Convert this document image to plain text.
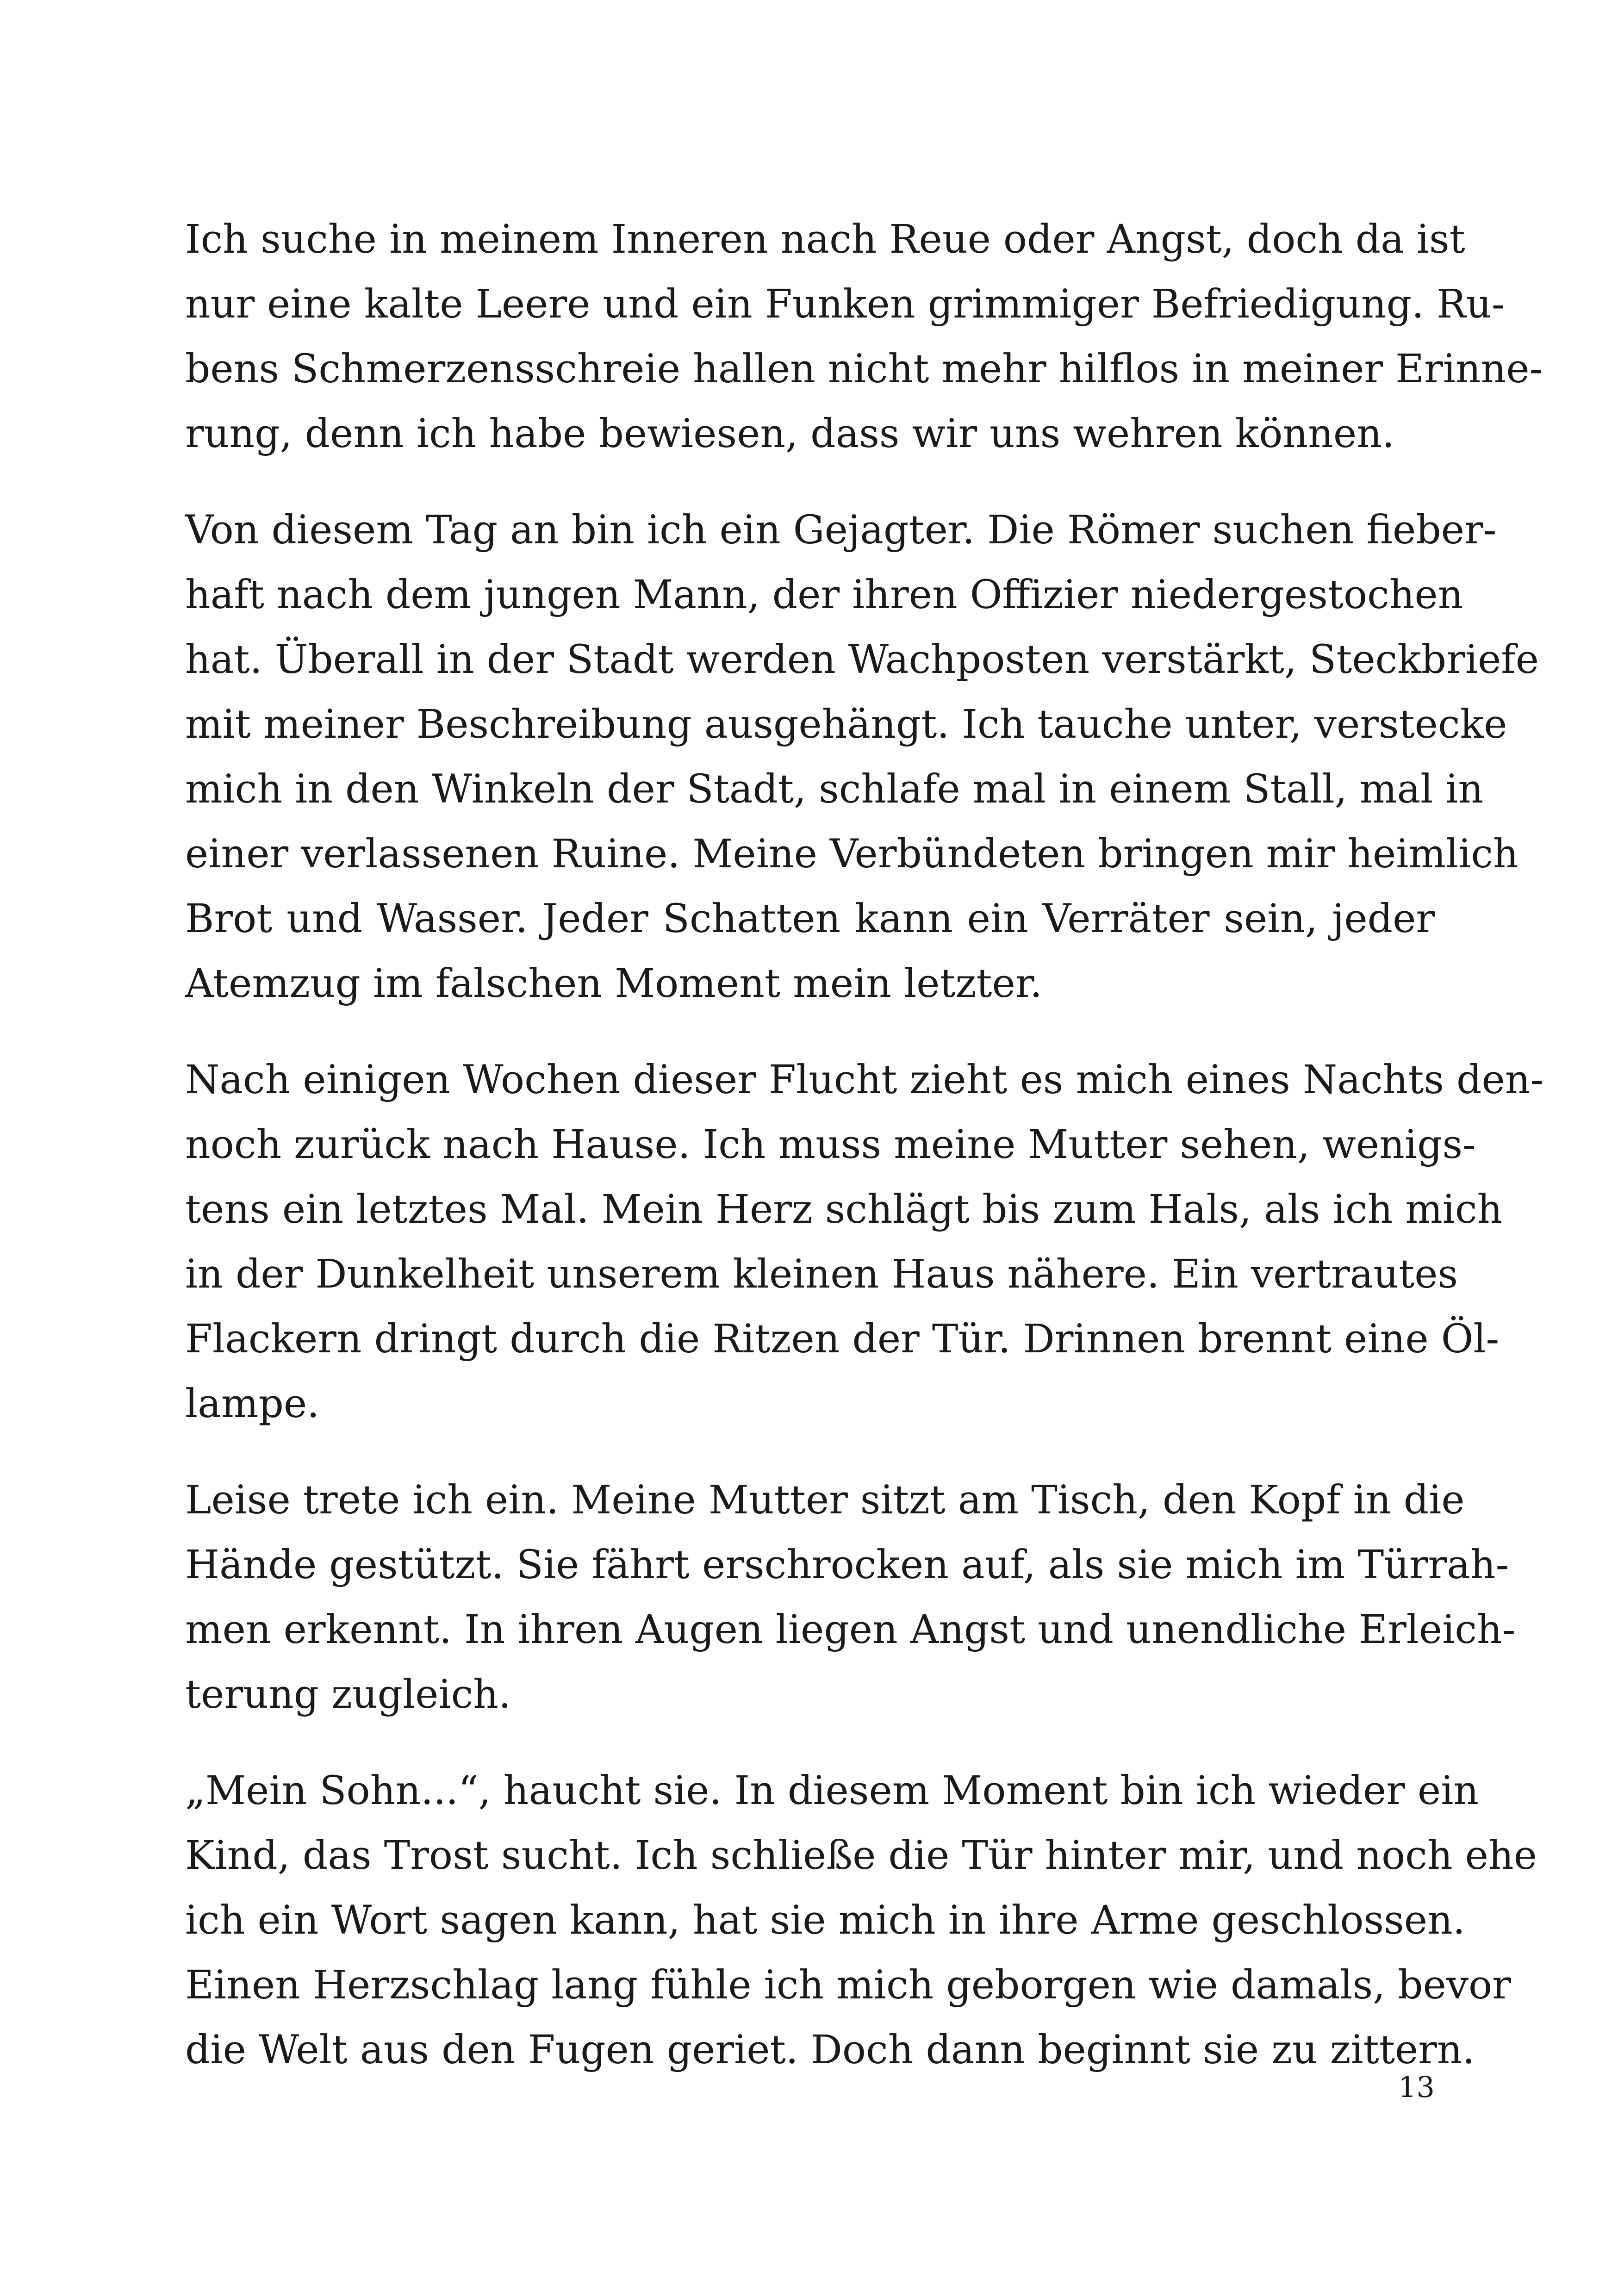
Ich suche in meinem Inneren nach Reue oder Angst, doch da ist
nur eine kalte Leere und ein Funken grimmiger Befriedigung. Ru-
bens Schmerzensschreie hallen nicht mehr hilflos in meiner Erinne-
rung, denn ich habe bewiesen, dass wir uns wehren können.

Von diesem Tag an bin ich ein Gejagter. Die Römer suchen fieber-
haft nach dem jungen Mann, der ihren Offizier niedergestochen
hat. Überall in der Stadt werden Wachposten verstärkt, Steckbriefe
mit meiner Beschreibung ausgehängt. Ich tauche unter, verstecke
mich in den Winkeln der Stadt, schlafe mal in einem Stall, mal in
einer verlassenen Ruine. Meine Verbündeten bringen mir heimlich
Brot und Wasser. Jeder Schatten kann ein Verräter sein, jeder
Atemzug im falschen Moment mein letzter.

Nach einigen Wochen dieser Flucht zieht es mich eines Nachts den-
noch zurück nach Hause. Ich muss meine Mutter sehen, wenigs-
tens ein letztes Mal. Mein Herz schlägt bis zum Hals, als ich mich
in der Dunkelheit unserem kleinen Haus nähere. Ein vertrautes
Flackern dringt durch die Ritzen der Tür. Drinnen brennt eine Öl-
lampe.

Leise trete ich ein. Meine Mutter sitzt am Tisch, den Kopf in die
Hände gestützt. Sie fährt erschrocken auf, als sie mich im Türrah-
men erkennt. In ihren Augen liegen Angst und unendliche Erleich-
terung zugleich.

„Mein Sohn...“, haucht sie. In diesem Moment bin ich wieder ein
Kind, das Trost sucht. Ich schließe die Tür hinter mir, und noch ehe
ich ein Wort sagen kann, hat sie mich in ihre Arme geschlossen.
Einen Herzschlag lang fühle ich mich geborgen wie damals, bevor
die Welt aus den Fugen geriet. Doch dann beginnt sie zu zittern.

13
